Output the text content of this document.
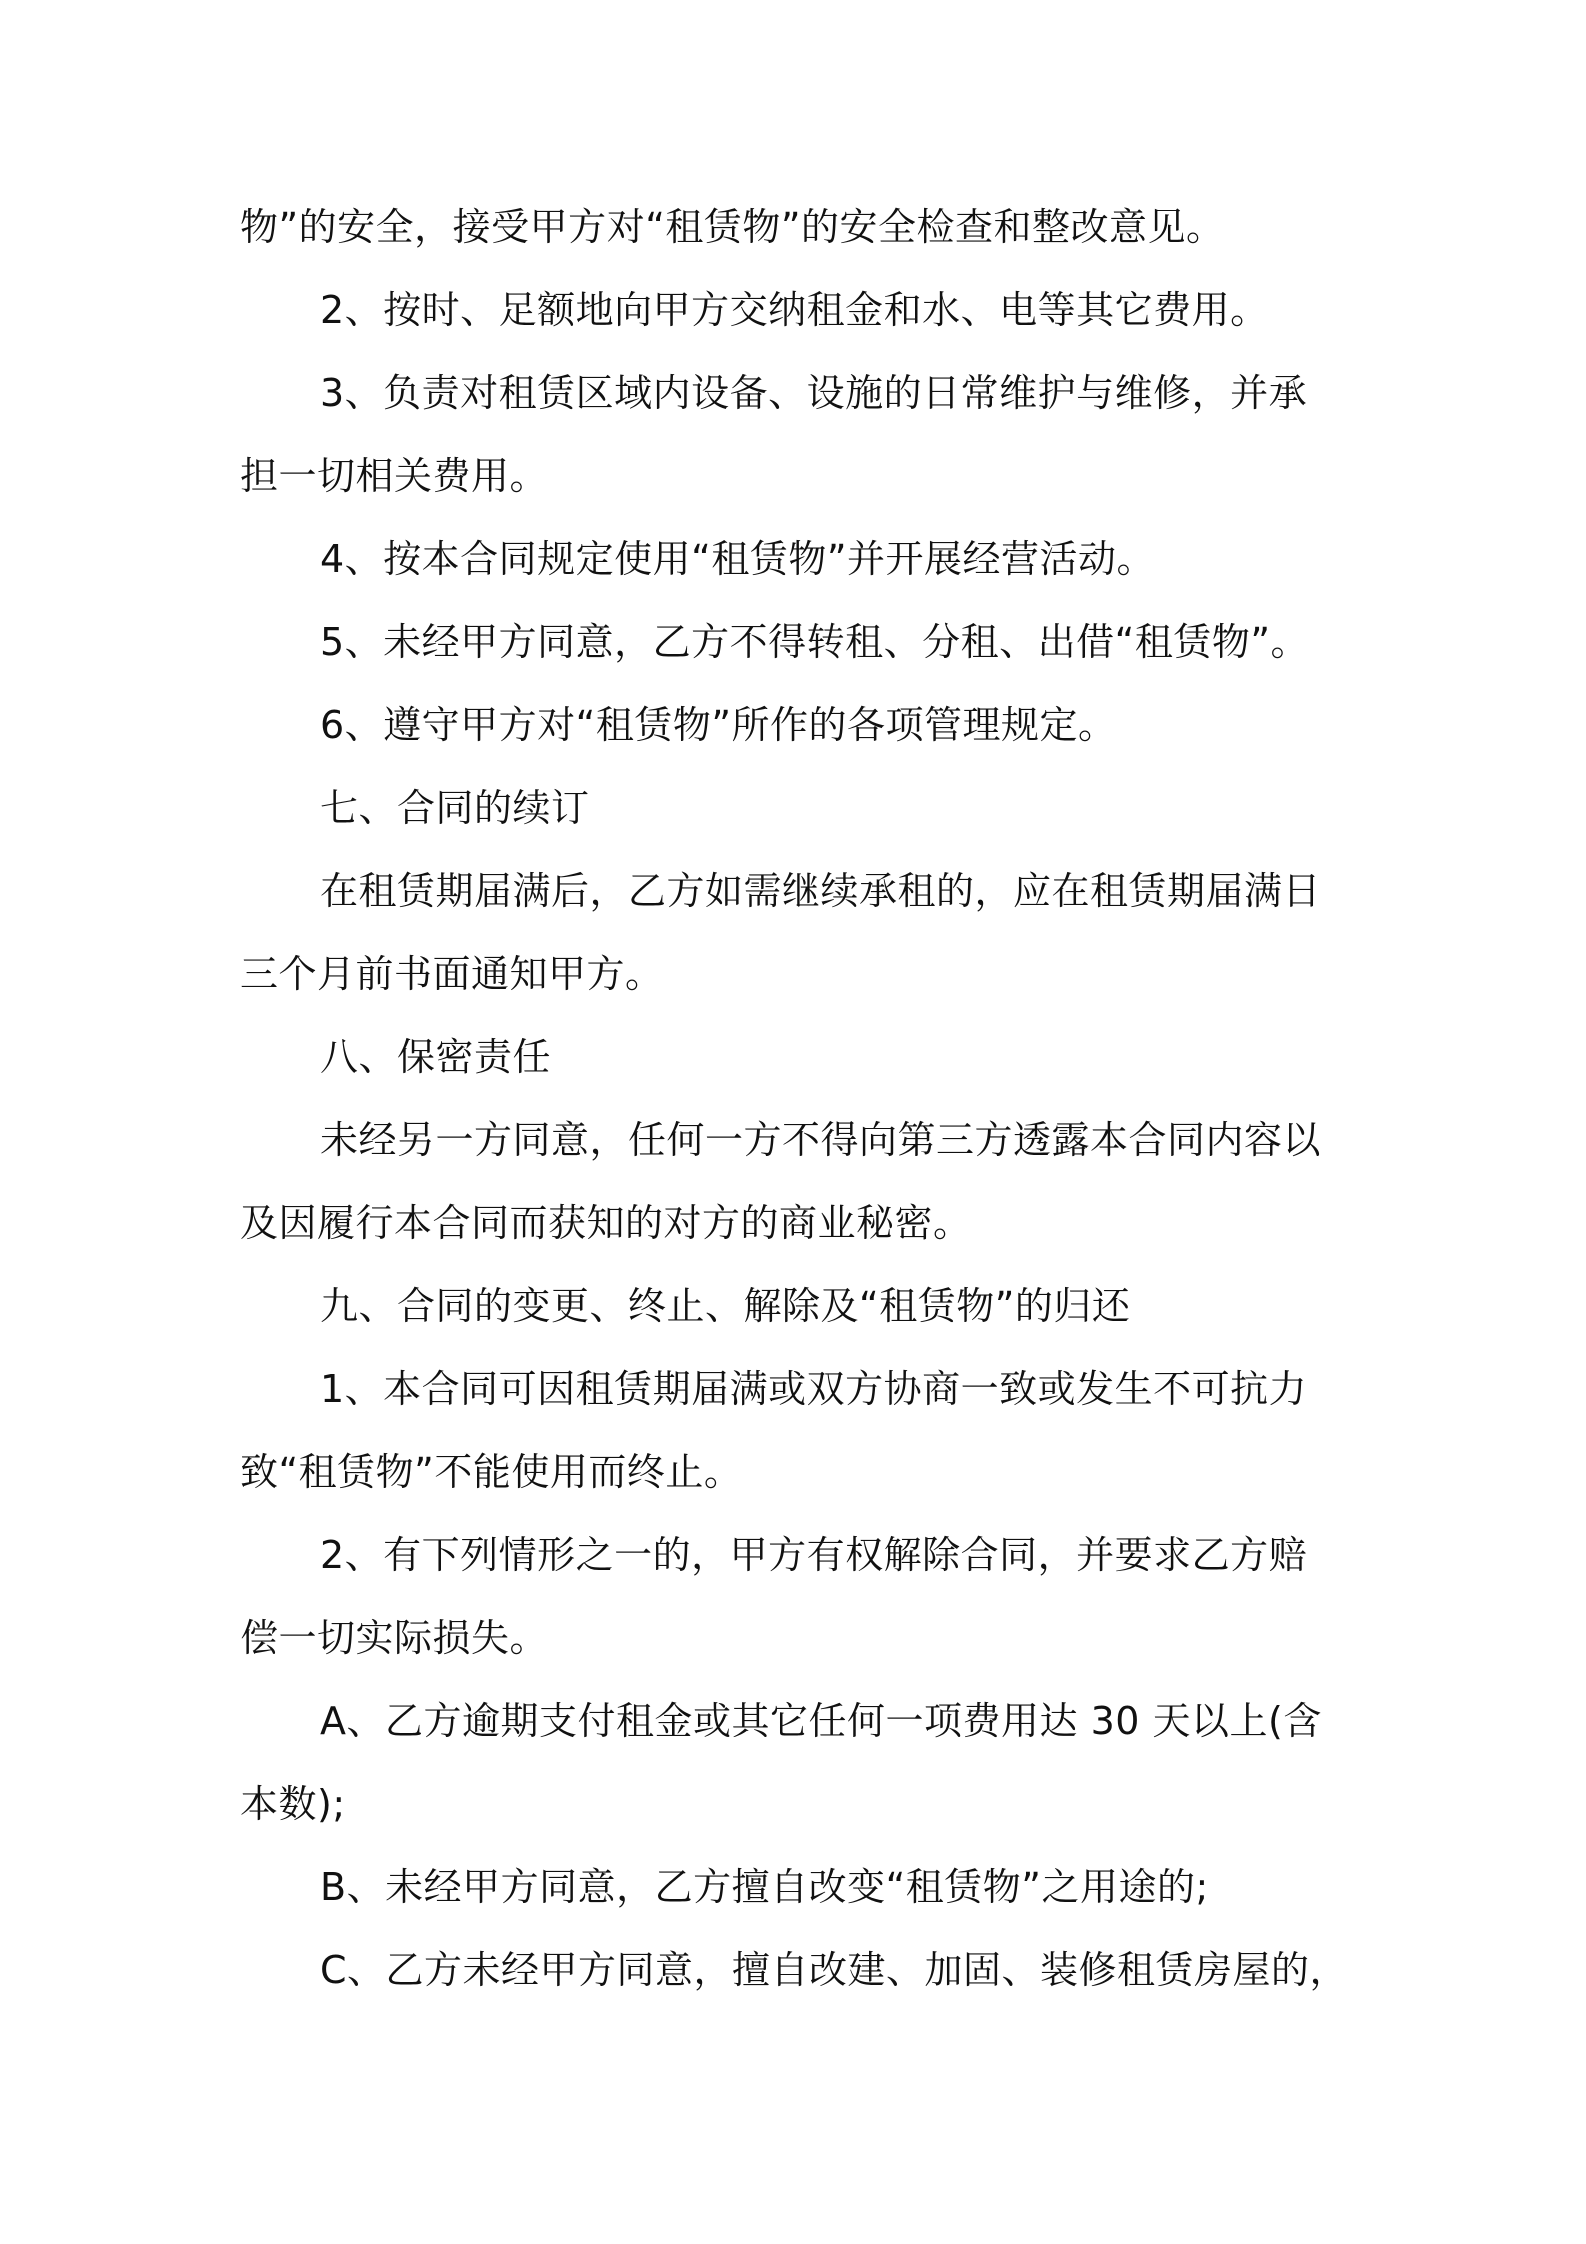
物”的安全，接受甲方对“租赁物”的安全检查和整改意见。
2、按时、足额地向甲方交纳租金和水、电等其它费用。
3、负责对租赁区域内设备、设施的日常维护与维修，并承
担一切相关费用。
4、按本合同规定使用“租赁物”并开展经营活动。
5、未经甲方同意，乙方不得转租、分租、出借“租赁物”。
6、遵守甲方对“租赁物”所作的各项管理规定。
七、合同的续订
在租赁期届满后，乙方如需继续承租的，应在租赁期届满日
三个月前书面通知甲方。
八、保密责任
未经另一方同意，任何一方不得向第三方透露本合同内容以
及因履行本合同而获知的对方的商业秘密。
九、合同的变更、终止、解除及“租赁物”的归还
1、本合同可因租赁期届满或双方协商一致或发生不可抗力
致“租赁物”不能使用而终止。
2、有下列情形之一的，甲方有权解除合同，并要求乙方赔
偿一切实际损失。
A、乙方逾期支付租金或其它任何一项费用达 30 天以上(含
本数);
B、未经甲方同意，乙方擅自改变“租赁物”之用途的;
C、乙方未经甲方同意，擅自改建、加固、装修租赁房屋的，
